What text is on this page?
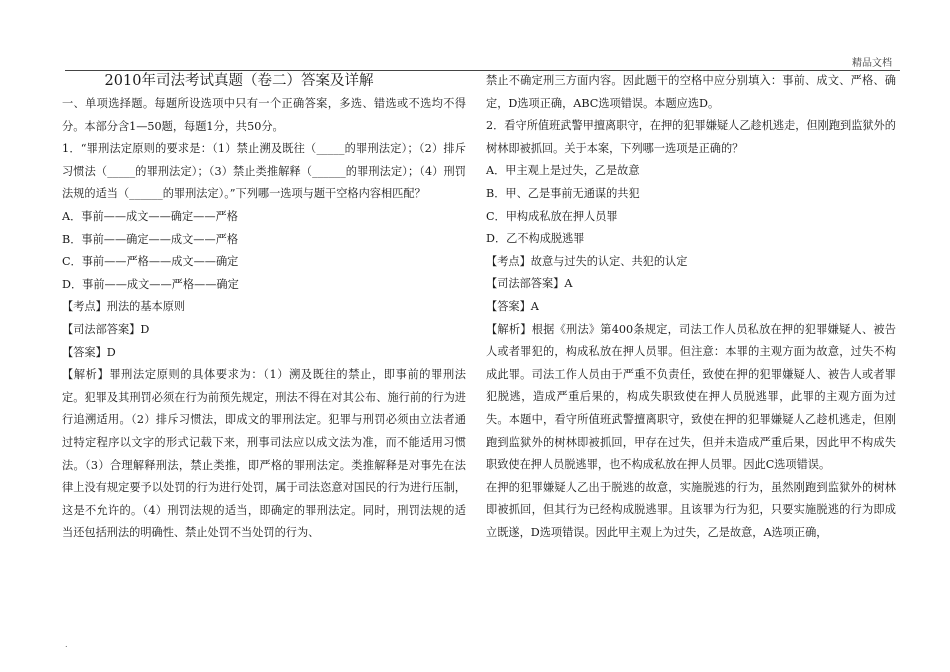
精品文档
2010年司法考试真题（卷二）答案及详解
一、单项选择题。每题所设选项中只有一个正确答案，多选、错选或不选均不得分。本部分含1—50题，每题1分，共50分。
1．“罪刑法定原则的要求是：（1）禁止溯及既往（_____的罪刑法定）；（2）排斥习惯法（_____的罪刑法定）；（3）禁止类推解释（______的罪刑法定）；（4）刑罚法规的适当（______的罪刑法定）。”下列哪一选项与题干空格内容相匹配？
A．事前——成文——确定——严格
B．事前——确定——成文——严格
C．事前——严格——成文——确定
D．事前——成文——严格——确定
【考点】刑法的基本原则
【司法部答案】D
【答案】D
【解析】罪刑法定原则的具体要求为：（1）溯及既往的禁止，即事前的罪刑法定。犯罪及其刑罚必须在行为前预先规定，刑法不得在对其公布、施行前的行为进行追溯适用。（2）排斥习惯法，即成文的罪刑法定。犯罪与刑罚必须由立法者通过特定程序以文字的形式记载下来，刑事司法应以成文法为准，而不能适用习惯法。（3）合理解释刑法，禁止类推，即严格的罪刑法定。类推解释是对事先在法律上没有规定要予以处罚的行为进行处罚，属于司法恣意对国民的行为进行压制，这是不允许的。（4）刑罚法规的适当，即确定的罪刑法定。同时，刑罚法规的适当还包括刑法的明确性、禁止处罚不当处罚的行为、
禁止不确定刑三方面内容。因此题干的空格中应分别填入：事前、成文、严格、确定，D选项正确，ABC选项错误。本题应选D。
2．看守所值班武警甲擅离职守，在押的犯罪嫌疑人乙趁机逃走，但刚跑到监狱外的树林即被抓回。关于本案，下列哪一选项是正确的？
A．甲主观上是过失，乙是故意
B．甲、乙是事前无通谋的共犯
C．甲构成私放在押人员罪
D．乙不构成脱逃罪
【考点】故意与过失的认定、共犯的认定
【司法部答案】A
【答案】A
【解析】根据《刑法》第400条规定，司法工作人员私放在押的犯罪嫌疑人、被告人或者罪犯的，构成私放在押人员罪。但注意：本罪的主观方面为故意，过失不构成此罪。司法工作人员由于严重不负责任，致使在押的犯罪嫌疑人、被告人或者罪犯脱逃，造成严重后果的，构成失职致使在押人员脱逃罪，此罪的主观方面为过失。本题中，看守所值班武警擅离职守，致使在押的犯罪嫌疑人乙趁机逃走，但刚跑到监狱外的树林即被抓回，甲存在过失，但并未造成严重后果，因此甲不构成失职致使在押人员脱逃罪，也不构成私放在押人员罪。因此C选项错误。
在押的犯罪嫌疑人乙出于脱逃的故意，实施脱逃的行为，虽然刚跑到监狱外的树林即被抓回，但其行为已经构成脱逃罪。且该罪为行为犯，只要实施脱逃的行为即成立既遂，D选项错误。因此甲主观上为过失，乙是故意，A选项正确，
.
